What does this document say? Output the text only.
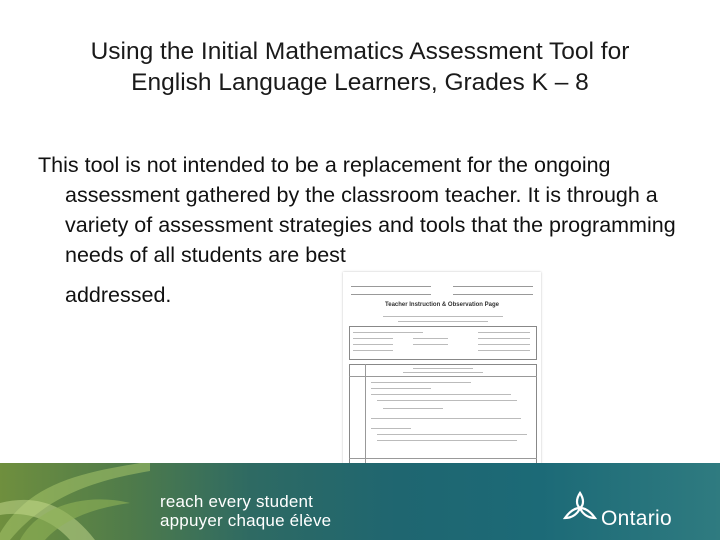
Using the Initial Mathematics Assessment Tool for
English Language Learners, Grades K – 8

This tool is not intended to be a replacement for the ongoing assessment gathered by the classroom teacher. It is through a variety of assessment strategies and tools that the programming needs of all students are best

addressed.	Teacher Instruction & Observation Page
reach every student
appuyer chaque élève	Ontario
